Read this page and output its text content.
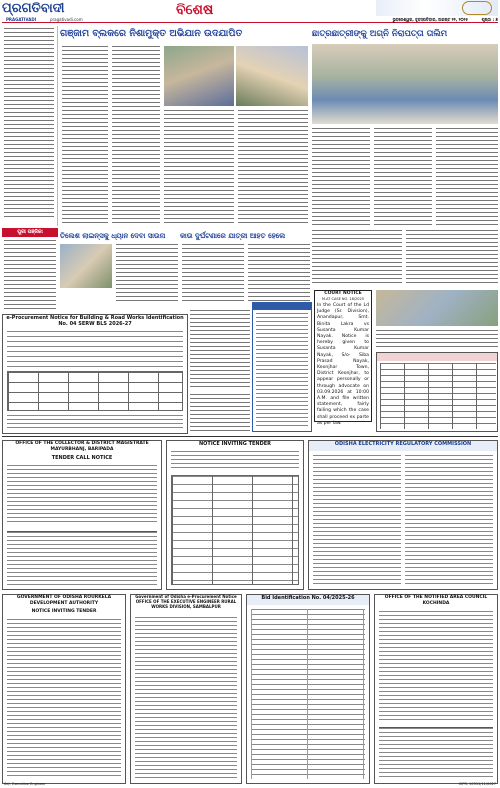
ପ୍ରଗତିବାଦୀ
PRAGATIVADI	pragativadi.com
ବିଶେଷ
ଭୁବନେଶ୍ୱର, ବୃହସ୍ପତିବାର, ଅଗଷ୍ଟ ୨୧, ୨୦୨୫	ପୃଷ୍ଠା : ୭
ପୁରୀ ପଞ୍ଜିକା
ଗଞ୍ଜାମ ବ୍ଲକରେ ନିଶାମୁକ୍ତ ଅଭିଯାନ ଉଦଯାପିତ	ଛାତ୍ରଛାତ୍ରୀଙ୍କୁ ଅଗ୍ନି ନିରାପତ୍ତା ତାଲିମ
ତିଲେଶ ଲାଇନ୍ସକୁ ଧ୍ୟାନ ଦେବା ସାଉନା	କାଉ ଦୁର୍ଘଟଣାରେ ଯାତ୍ରୀ ଆହତ ହେଲେ
e-Procurement Notice for Building & Road Works Identification No. 04 SERW BLS 2026-27
COURT NOTICE
M.AT CASE NO. 18/2025
In the Court of the Ld Judge (Sr. Division), Anandapur, Smt. Binita Lakra vs Susanta Kumar Nayak. Notice is hereby given to Susanta Kumar Nayak, S/o- Siba Prasad Nayak, Keonjhar Town, District Keonjhar, to appear personally or through advocate on 03.09.2026 at 10:00 A.M. and file written statement, fairly failing which the case shall proceed ex parte as per law.
OFFICE OF THE COLLECTOR & DISTRICT MAGISTRATE MAYURBHANJ, BARIPADA
TENDER CALL NOTICE
NOTICE INVITING TENDER	ODISHA ELECTRICITY REGULATORY COMMISSION
GOVERNMENT OF ODISHA ROURKELA DEVELOPMENT AUTHORITY
NOTICE INVITING TENDER
Government of Odisha e-Procurement Notice OFFICE OF THE EXECUTIVE ENGINEER RURAL WORKS DIVISION, SAMBALPUR
Bid Identification No. 04/2025-26	OFFICE OF THE NOTIFIED AREA COUNCIL KOCHINDA
Sd/- Executive Engineer	OIPR- 10311/11/0027
